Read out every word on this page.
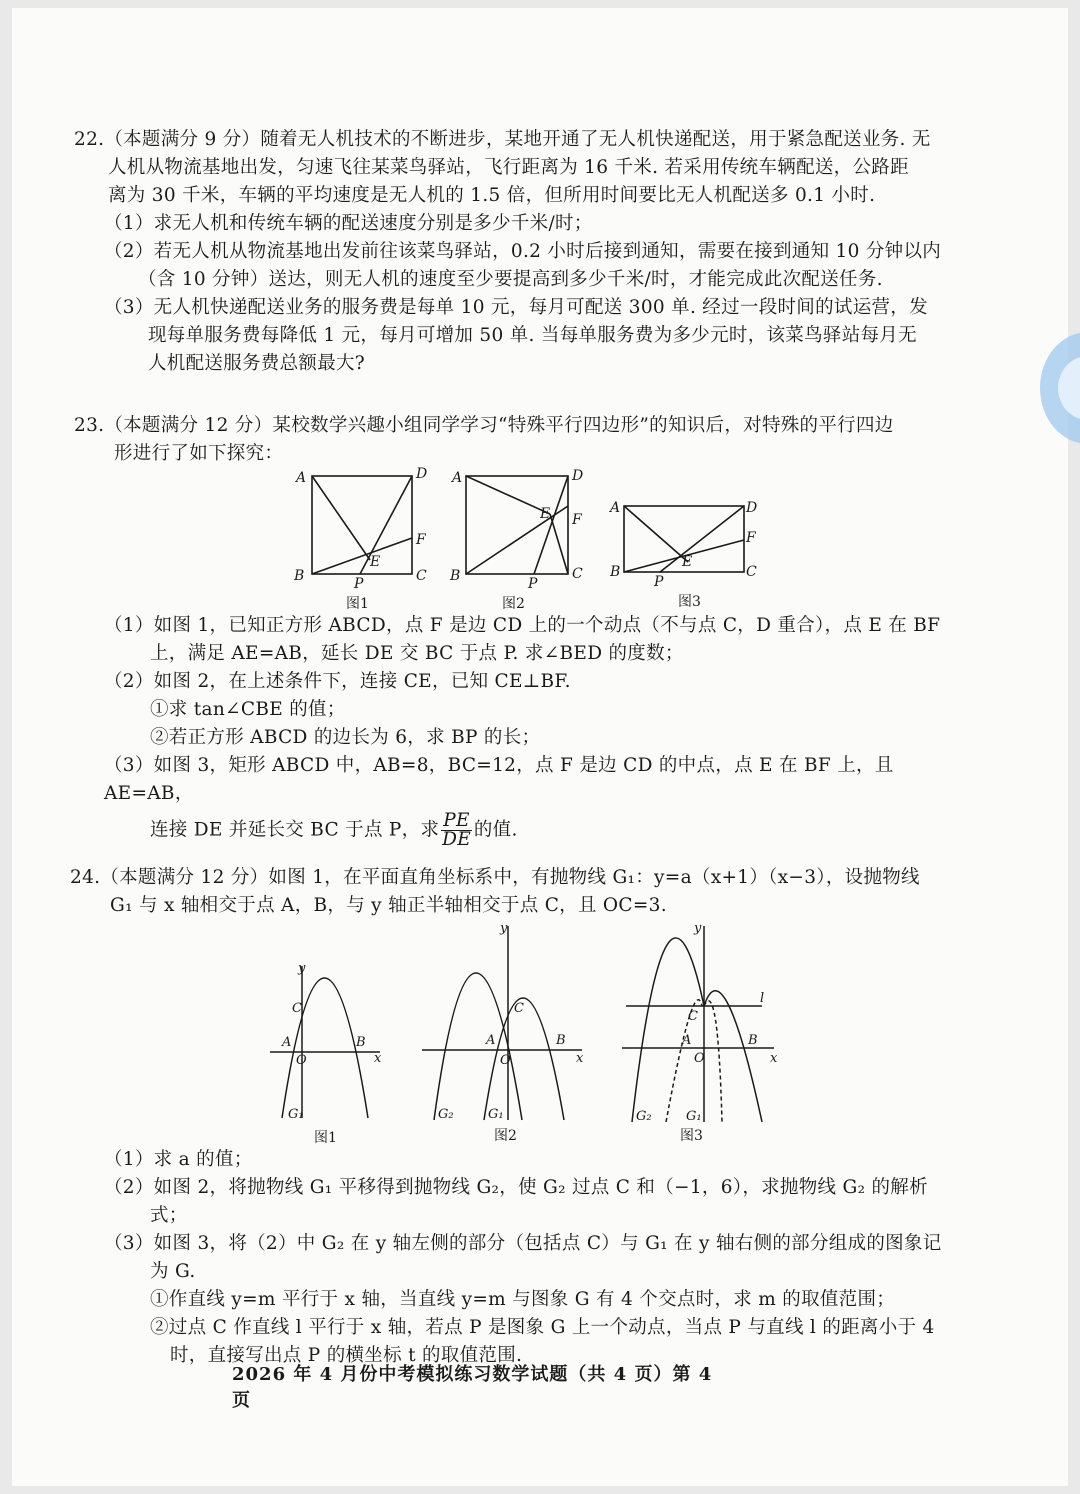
22.（本题满分 9 分）随着无人机技术的不断进步，某地开通了无人机快递配送，用于紧急配送业务. 无

人机从物流基地出发，匀速飞往某菜鸟驿站，飞行距离为 16 千米. 若采用传统车辆配送，公路距

离为 30 千米，车辆的平均速度是无人机的 1.5 倍，但所用时间要比无人机配送多 0.1 小时.

（1）求无人机和传统车辆的配送速度分别是多少千米/时；

（2）若无人机从物流基地出发前往该菜鸟驿站，0.2 小时后接到通知，需要在接到通知 10 分钟以内

（含 10 分钟）送达，则无人机的速度至少要提高到多少千米/时，才能完成此次配送任务.

（3）无人机快递配送业务的服务费是每单 10 元，每月可配送 300 单. 经过一段时间的试运营，发

现每单服务费每降低 1 元，每月可增加 50 单. 当每单服务费为多少元时，该菜鸟驿站每月无

人机配送服务费总额最大?

23.（本题满分 12 分）某校数学兴趣小组同学学习“特殊平行四边形”的知识后，对特殊的平行四边

形进行了如下探究：

A	D
F
E
B	P	C
图1
A	D
E F
B	P
C
图2
A	D
F
E
B
P
C
图3

（1）如图 1，已知正方形 ABCD，点 F 是边 CD 上的一个动点（不与点 C，D 重合），点 E 在 BF

上，满足 AE=AB，延长 DE 交 BC 于点 P. 求∠BED 的度数；

（2）如图 2，在上述条件下，连接 CE，已知 CE⊥BF.

①求 tan∠CBE 的值；

②若正方形 ABCD 的边长为 6，求 BP 的长；

（3）如图 3，矩形 ABCD 中，AB=8，BC=12，点 F 是边 CD 的中点，点 E 在 BF 上，且 AE=AB，

连接 DE 并延长交 BC 于点 P，求 $\frac{PE}{DE}$ 的值.

24.（本题满分 12 分）如图 1，在平面直角坐标系中，有抛物线 G₁：y=a（x+1）（x−3），设抛物线

G₁ 与 x 轴相交于点 A，B，与 y 轴正半轴相交于点 C，且 OC=3.

y
x
C
A	B
O
G₁
图1
y
x
C
A	B
O
G₂	G₁
图2
y
x
l
C
A	B
O
G₂	G₁
图3

（1）求 a 的值；

（2）如图 2，将抛物线 G₁ 平移得到抛物线 G₂，使 G₂ 过点 C 和（−1，6），求抛物线 G₂ 的解析

式；

（3）如图 3，将（2）中 G₂ 在 y 轴左侧的部分（包括点 C）与 G₁ 在 y 轴右侧的部分组成的图象记

为 G.

①作直线 y=m 平行于 x 轴，当直线 y=m 与图象 G 有 4 个交点时，求 m 的取值范围；

②过点 C 作直线 l 平行于 x 轴，若点 P 是图象 G 上一个动点，当点 P 与直线 l 的距离小于 4

时，直接写出点 P 的横坐标 t 的取值范围.

2026 年 4 月份中考模拟练习数学试题（共 4 页）第 4 页
